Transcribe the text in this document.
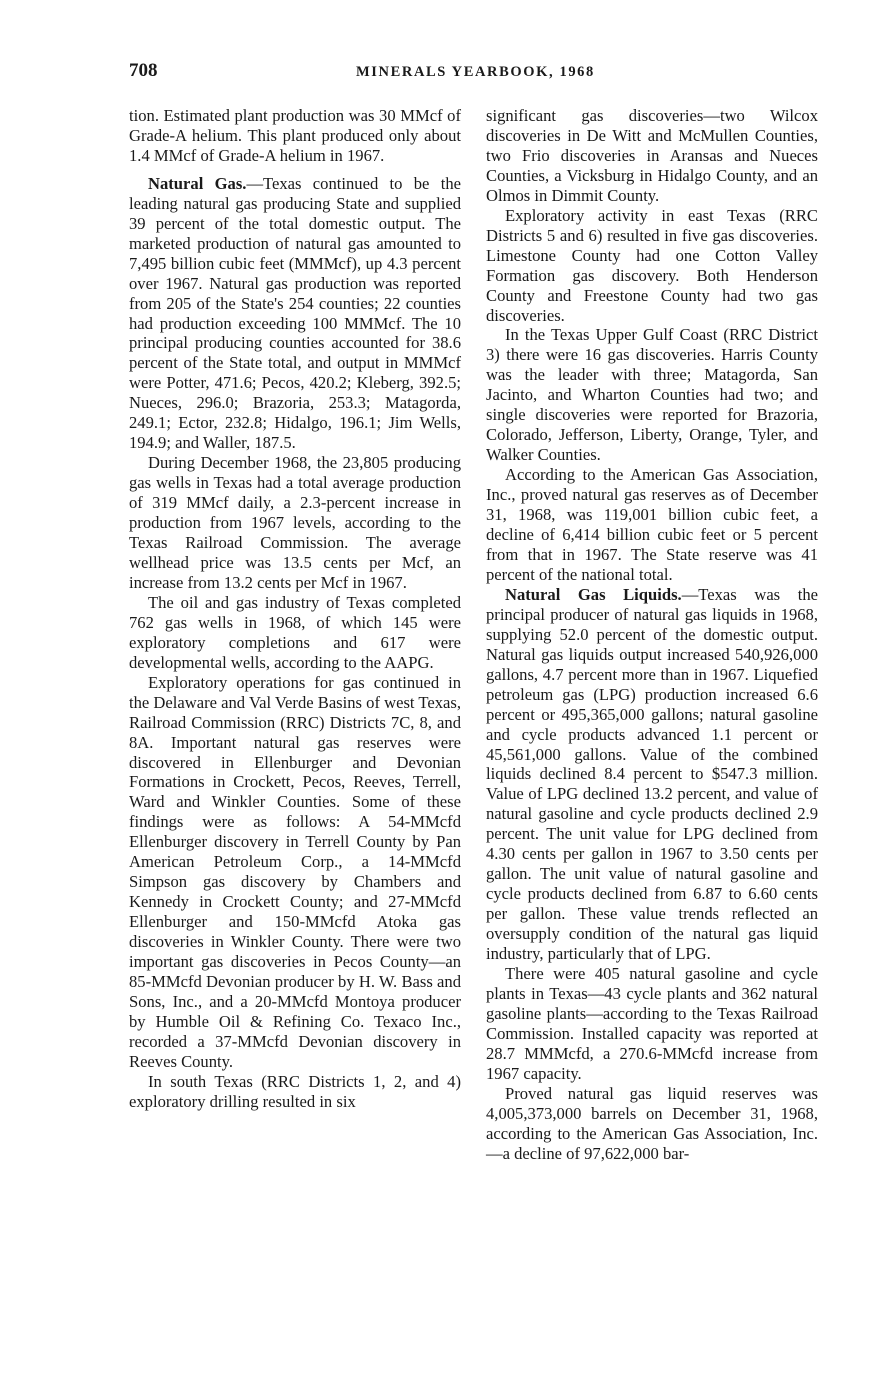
708	MINERALS YEARBOOK, 1968

tion. Estimated plant production was 30 MMcf of Grade-A helium. This plant produced only about 1.4 MMcf of Grade-A helium in 1967.

Natural Gas.—Texas continued to be the leading natural gas producing State and supplied 39 percent of the total domestic output. The marketed production of natural gas amounted to 7,495 billion cubic feet (MMMcf), up 4.3 percent over 1967. Natural gas production was reported from 205 of the State's 254 counties; 22 counties had production exceeding 100 MMMcf. The 10 principal producing counties accounted for 38.6 percent of the State total, and output in MMMcf were Potter, 471.6; Pecos, 420.2; Kleberg, 392.5; Nueces, 296.0; Brazoria, 253.3; Matagorda, 249.1; Ector, 232.8; Hidalgo, 196.1; Jim Wells, 194.9; and Waller, 187.5.

During December 1968, the 23,805 producing gas wells in Texas had a total average production of 319 MMcf daily, a 2.3-percent increase in production from 1967 levels, according to the Texas Railroad Commission. The average wellhead price was 13.5 cents per Mcf, an increase from 13.2 cents per Mcf in 1967.

The oil and gas industry of Texas completed 762 gas wells in 1968, of which 145 were exploratory completions and 617 were developmental wells, according to the AAPG.

Exploratory operations for gas continued in the Delaware and Val Verde Basins of west Texas, Railroad Commission (RRC) Districts 7C, 8, and 8A. Important natural gas reserves were discovered in Ellenburger and Devonian Formations in Crockett, Pecos, Reeves, Terrell, Ward and Winkler Counties. Some of these findings were as follows: A 54-MMcfd Ellenburger discovery in Terrell County by Pan American Petroleum Corp., a 14-MMcfd Simpson gas discovery by Chambers and Kennedy in Crockett County; and 27-MMcfd Ellenburger and 150-MMcfd Atoka gas discoveries in Winkler County. There were two important gas discoveries in Pecos County—an 85-MMcfd Devonian producer by H. W. Bass and Sons, Inc., and a 20-MMcfd Montoya producer by Humble Oil & Refining Co. Texaco Inc., recorded a 37-MMcfd Devonian discovery in Reeves County.

In south Texas (RRC Districts 1, 2, and 4) exploratory drilling resulted in six

significant gas discoveries—two Wilcox discoveries in De Witt and McMullen Counties, two Frio discoveries in Aransas and Nueces Counties, a Vicksburg in Hidalgo County, and an Olmos in Dimmit County.

Exploratory activity in east Texas (RRC Districts 5 and 6) resulted in five gas discoveries. Limestone County had one Cotton Valley Formation gas discovery. Both Henderson County and Freestone County had two gas discoveries.

In the Texas Upper Gulf Coast (RRC District 3) there were 16 gas discoveries. Harris County was the leader with three; Matagorda, San Jacinto, and Wharton Counties had two; and single discoveries were reported for Brazoria, Colorado, Jefferson, Liberty, Orange, Tyler, and Walker Counties.

According to the American Gas Association, Inc., proved natural gas reserves as of December 31, 1968, was 119,001 billion cubic feet, a decline of 6,414 billion cubic feet or 5 percent from that in 1967. The State reserve was 41 percent of the national total.

Natural Gas Liquids.—Texas was the principal producer of natural gas liquids in 1968, supplying 52.0 percent of the domestic output. Natural gas liquids output increased 540,926,000 gallons, 4.7 percent more than in 1967. Liquefied petroleum gas (LPG) production increased 6.6 percent or 495,365,000 gallons; natural gasoline and cycle products advanced 1.1 percent or 45,561,000 gallons. Value of the combined liquids declined 8.4 percent to $547.3 million. Value of LPG declined 13.2 percent, and value of natural gasoline and cycle products declined 2.9 percent. The unit value for LPG declined from 4.30 cents per gallon in 1967 to 3.50 cents per gallon. The unit value of natural gasoline and cycle products declined from 6.87 to 6.60 cents per gallon. These value trends reflected an oversupply condition of the natural gas liquid industry, particularly that of LPG.

There were 405 natural gasoline and cycle plants in Texas—43 cycle plants and 362 natural gasoline plants—according to the Texas Railroad Commission. Installed capacity was reported at 28.7 MMMcfd, a 270.6-MMcfd increase from 1967 capacity.

Proved natural gas liquid reserves was 4,005,373,000 barrels on December 31, 1968, according to the American Gas Association, Inc.—a decline of 97,622,000 bar-
